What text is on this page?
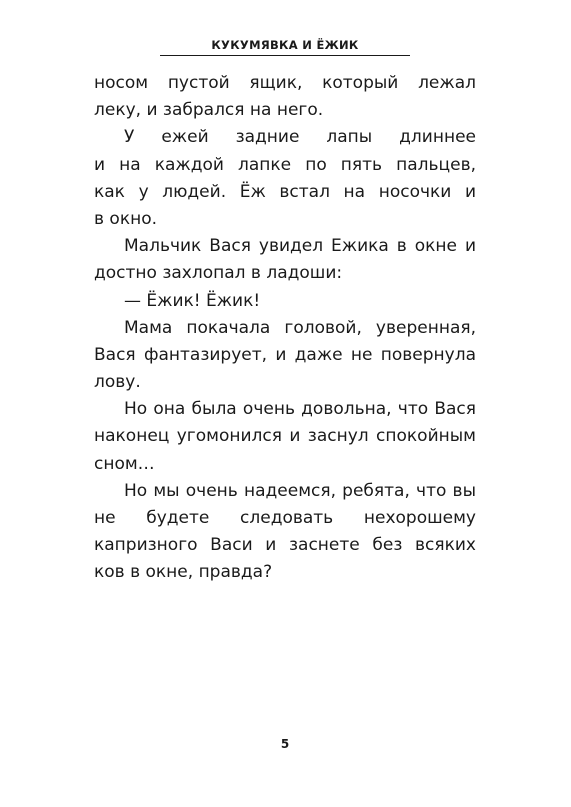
КУКУМЯВКА И ЁЖИК
носом пустой ящик, который лежал
леку, и забрался на него.
У ежей задние лапы длиннее
и на каждой лапке по пять пальцев,
как у людей. Ёж встал на носочки и
в окно.
Мальчик Вася увидел Ежика в окне и
достно захлопал в ладоши:
— Ёжик! Ёжик!
Мама покачала головой, уверенная,
Вася фантазирует, и даже не повернула
лову.
Но она была очень довольна, что Вася
наконец угомонился и заснул спокойным
сном…
Но мы очень надеемся, ребята, что вы
не будете следовать нехорошему
капризного Васи и заснете без всяких
ков в окне, правда?
5
